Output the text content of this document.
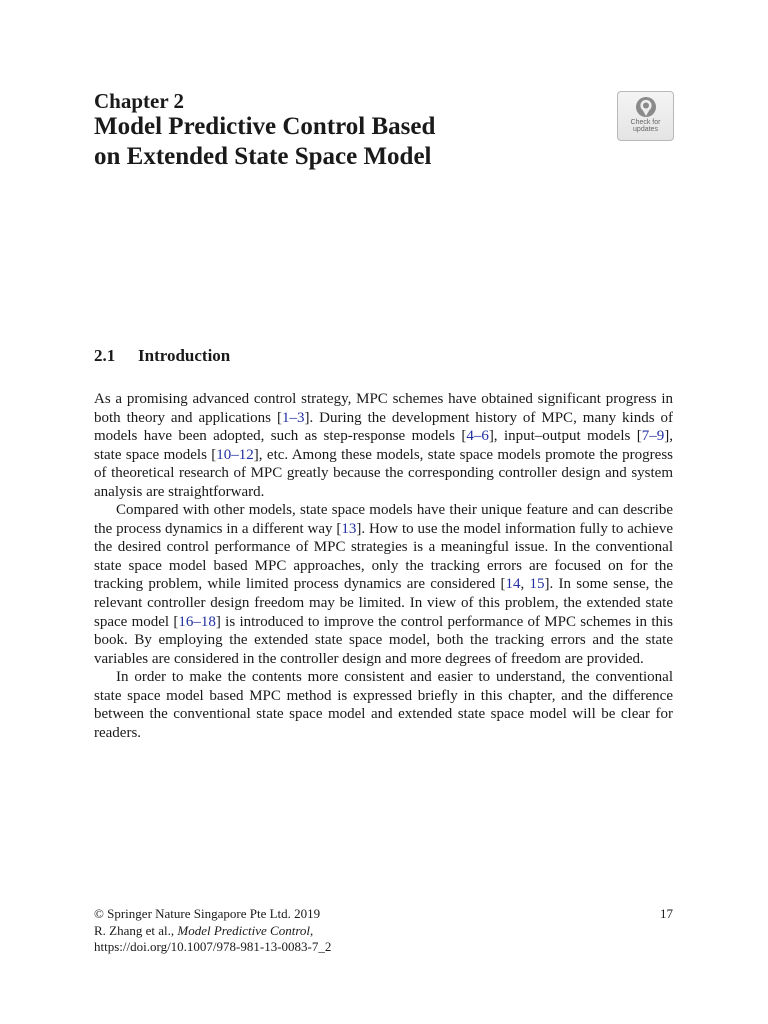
Chapter 2
Model Predictive Control Based
on Extended State Space Model
Check for
updates
2.1 Introduction

As a promising advanced control strategy, MPC schemes have obtained significant progress in both theory and applications [1–3]. During the development history of MPC, many kinds of models have been adopted, such as step-response models [4–6], input–output models [7–9], state space models [10–12], etc. Among these models, state space models promote the progress of theoretical research of MPC greatly because the corresponding controller design and system analysis are straightforward.

Compared with other models, state space models have their unique feature and can describe the process dynamics in a different way [13]. How to use the model information fully to achieve the desired control performance of MPC strategies is a meaningful issue. In the conventional state space model based MPC approaches, only the tracking errors are focused on for the tracking problem, while limited process dynamics are considered [14, 15]. In some sense, the relevant controller design freedom may be limited. In view of this problem, the extended state space model [16–18] is introduced to improve the control performance of MPC schemes in this book. By employing the extended state space model, both the tracking errors and the state variables are considered in the controller design and more degrees of freedom are provided.

In order to make the contents more consistent and easier to understand, the conventional state space model based MPC method is expressed briefly in this chapter, and the difference between the conventional state space model and extended state space model will be clear for readers.

© Springer Nature Singapore Pte Ltd. 2019	17
R. Zhang et al., Model Predictive Control,
https://doi.org/10.1007/978-981-13-0083-7_2
